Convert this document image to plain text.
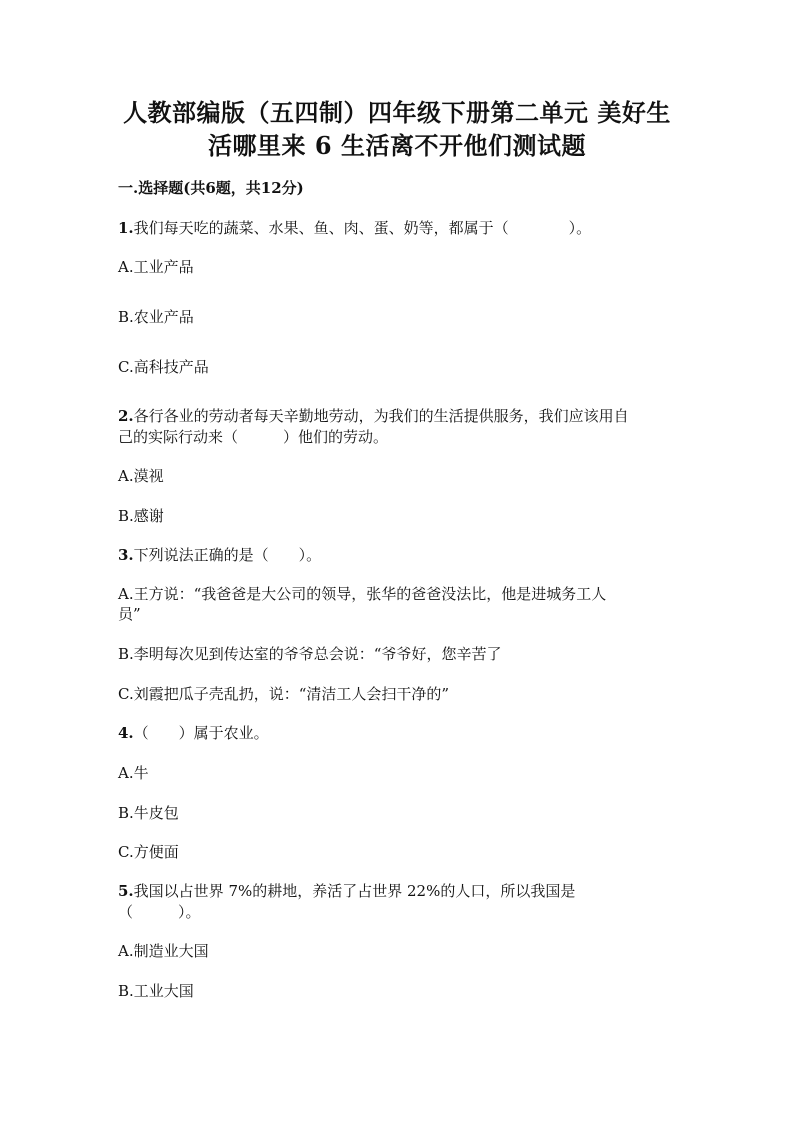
人教部编版（五四制）四年级下册第二单元 美好生
活哪里来 6 生活离不开他们测试题
一.选择题(共6题，共12分)
1.我们每天吃的蔬菜、水果、鱼、肉、蛋、奶等，都属于（　　　　）。
A.工业产品
B.农业产品
C.高科技产品
2.各行各业的劳动者每天辛勤地劳动，为我们的生活提供服务，我们应该用自
己的实际行动来（　　　）他们的劳动。
A.漠视
B.感谢
3.下列说法正确的是（　　）。
A.王方说：“我爸爸是大公司的领导，张华的爸爸没法比，他是进城务工人
员”
B.李明每次见到传达室的爷爷总会说：“爷爷好，您辛苦了
C.刘霞把瓜子壳乱扔，说：“清洁工人会扫干净的”
4.（　　）属于农业。
A.牛
B.牛皮包
C.方便面
5.我国以占世界 7%的耕地，养活了占世界 22%的人口，所以我国是
（　　　）。
A.制造业大国
B.工业大国
